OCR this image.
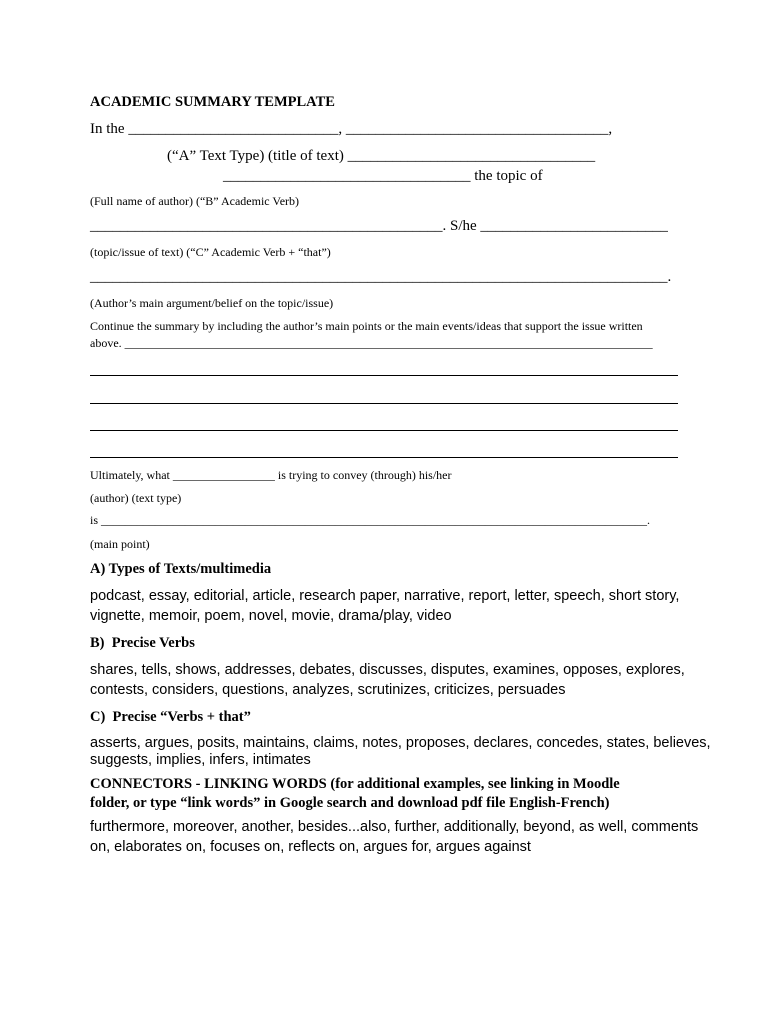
ACADEMIC SUMMARY TEMPLATE
In the ____________________________, ___________________________________,
(“A” Text Type) (title of text) _________________________________
_________________________________ the topic of
(Full name of author) (“B” Academic Verb)
_______________________________________________. S/he _________________________
(topic/issue of text) (“C” Academic Verb + “that”)
_____________________________________________________________________________.
(Author’s main argument/belief on the topic/issue)
Continue the summary by including the author’s main points or the main events/ideas that support the issue written
above. ________________________________________________________________________________________
Ultimately, what _________________ is trying to convey (through) his/her
(author) (text type)
is ___________________________________________________________________________________________.
(main point)
A) Types of Texts/multimedia
podcast, essay, editorial, article, research paper, narrative, report, letter, speech, short story,
vignette, memoir, poem, novel, movie, drama/play, video
B)  Precise Verbs
shares, tells, shows, addresses, debates, discusses, disputes, examines, opposes, explores,
contests, considers, questions, analyzes, scrutinizes, criticizes, persuades
C)  Precise “Verbs + that”
asserts, argues, posits, maintains, claims, notes, proposes, declares, concedes, states, believes,
suggests, implies, infers, intimates
CONNECTORS - LINKING WORDS (for additional examples, see linking in Moodle
folder, or type “link words” in Google search and download pdf file English-French)
furthermore, moreover, another, besides...also, further, additionally, beyond, as well, comments
on, elaborates on, focuses on, reflects on, argues for, argues against
